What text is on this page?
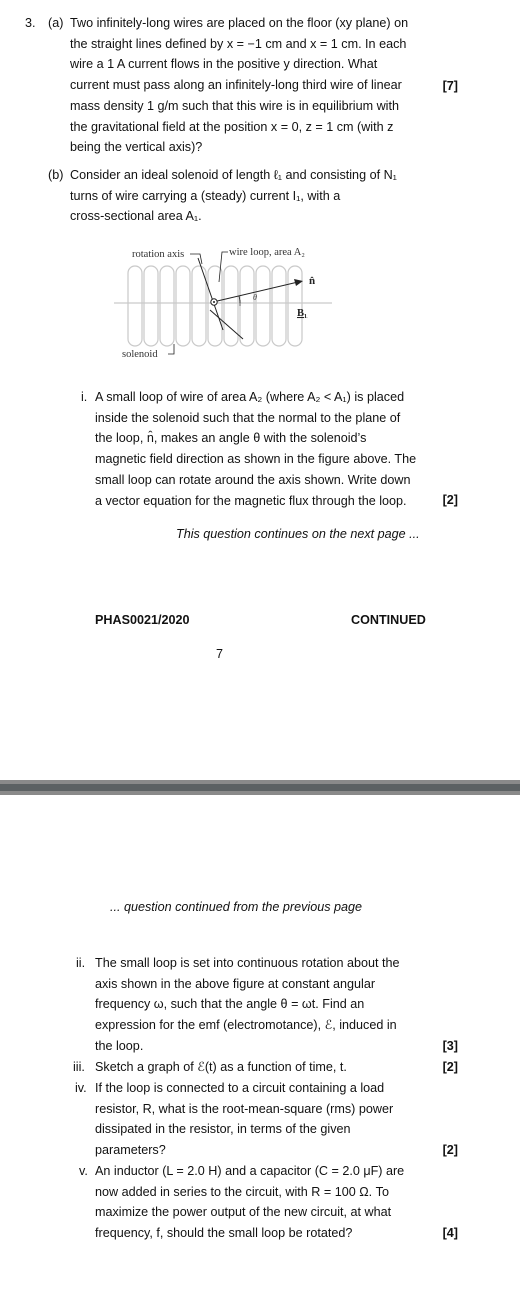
3. (a) Two infinitely-long wires are placed on the floor (xy plane) on
the straight lines defined by x = −1 cm and x = 1 cm. In each
wire a 1 A current flows in the positive y direction. What
current must pass along an infinitely-long third wire of linear
mass density 1 g/m such that this wire is in equilibrium with
the gravitational field at the position x = 0, z = 1 cm (with z
being the vertical axis)?
[7]
(b) Consider an ideal solenoid of length ℓ₁ and consisting of N₁
turns of wire carrying a (steady) current I₁, with a
cross-sectional area A₁.
rotation axis	wire loop, area A₂
n̂
θ
B₁
solenoid
i. A small loop of wire of area A₂ (where A₂ < A₁) is placed
inside the solenoid such that the normal to the plane of
the loop, n̂, makes an angle θ with the solenoid’s
magnetic field direction as shown in the figure above. The
small loop can rotate around the axis shown. Write down
a vector equation for the magnetic flux through the loop.	[2]
This question continues on the next page ...
PHAS0021/2020	CONTINUED
7
... question continued from the previous page
ii. The small loop is set into continuous rotation about the
axis shown in the above figure at constant angular
frequency ω, such that the angle θ = ωt. Find an
expression for the emf (electromotance), ℰ, induced in
the loop.	[3]
iii. Sketch a graph of ℰ(t) as a function of time, t.	[2]
iv. If the loop is connected to a circuit containing a load
resistor, R, what is the root-mean-square (rms) power
dissipated in the resistor, in terms of the given
parameters?	[2]
v. An inductor (L = 2.0 H) and a capacitor (C = 2.0 μF) are
now added in series to the circuit, with R = 100 Ω. To
maximize the power output of the new circuit, at what
frequency, f, should the small loop be rotated?	[4]
